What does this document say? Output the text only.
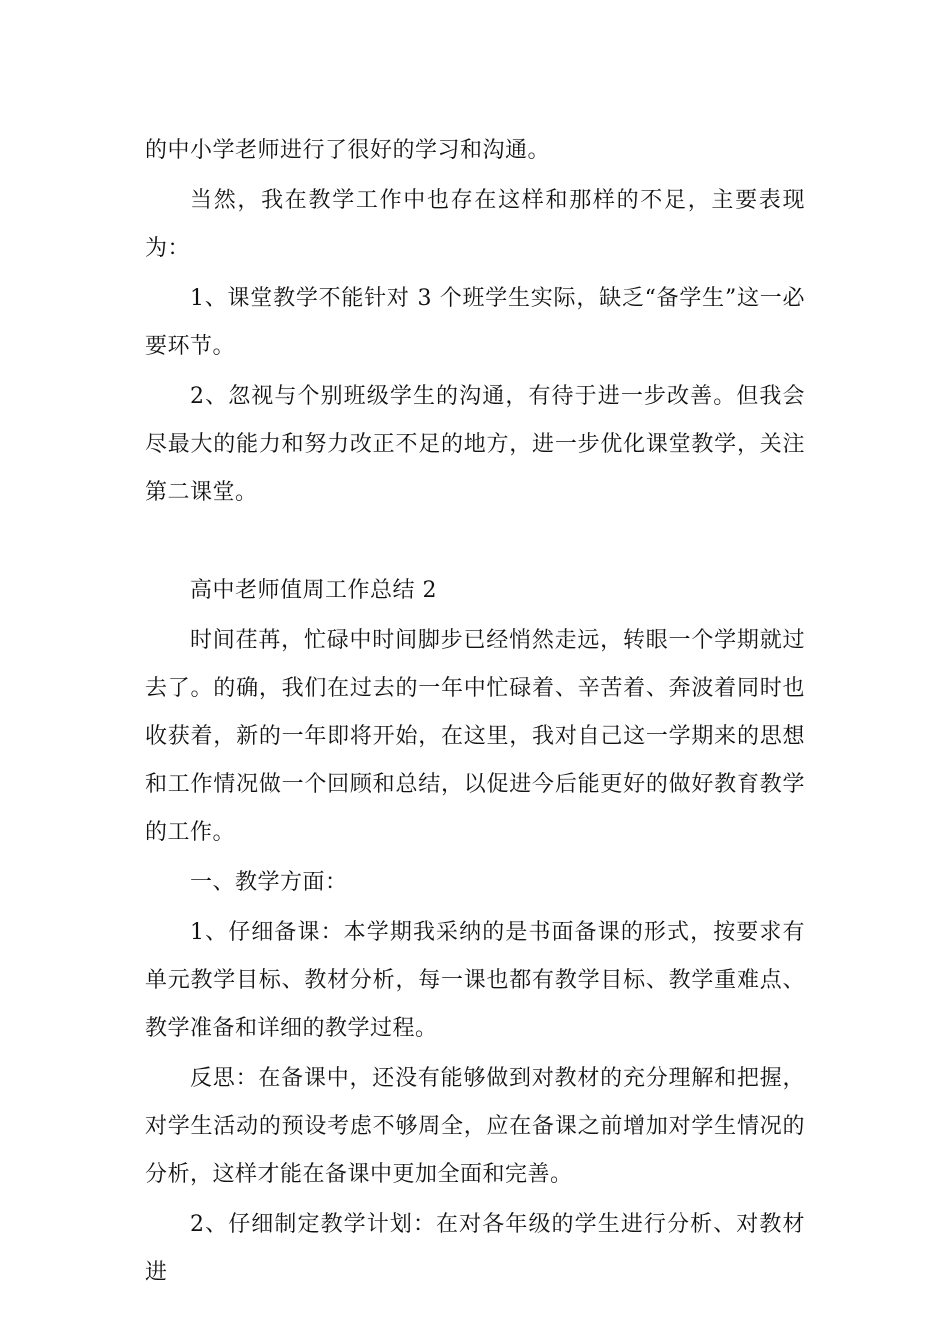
的中小学老师进行了很好的学习和沟通。

当然，我在教学工作中也存在这样和那样的不足，主要表现为：

1、课堂教学不能针对 3 个班学生实际，缺乏“备学生”这一必要环节。

2、忽视与个别班级学生的沟通，有待于进一步改善。但我会尽最大的能力和努力改正不足的地方，进一步优化课堂教学，关注第二课堂。

高中老师值周工作总结 2

时间荏苒，忙碌中时间脚步已经悄然走远，转眼一个学期就过去了。的确，我们在过去的一年中忙碌着、辛苦着、奔波着同时也收获着，新的一年即将开始，在这里，我对自己这一学期来的思想和工作情况做一个回顾和总结，以促进今后能更好的做好教育教学的工作。

一、教学方面：

1、仔细备课：本学期我采纳的是书面备课的形式，按要求有单元教学目标、教材分析，每一课也都有教学目标、教学重难点、教学准备和详细的教学过程。

反思：在备课中，还没有能够做到对教材的充分理解和把握，对学生活动的预设考虑不够周全，应在备课之前增加对学生情况的分析，这样才能在备课中更加全面和完善。

2、仔细制定教学计划：在对各年级的学生进行分析、对教材进
